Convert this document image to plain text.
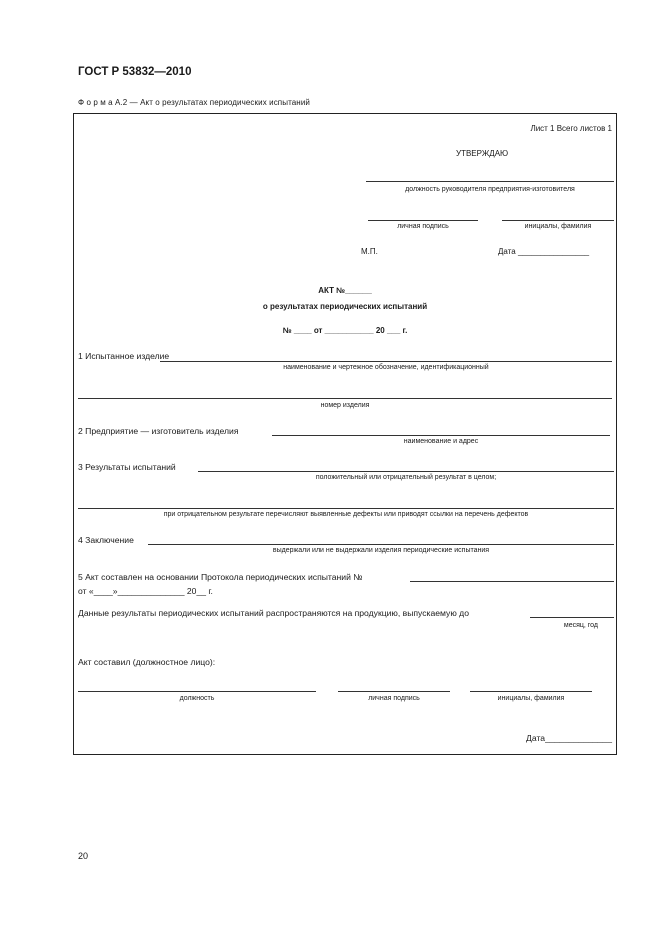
ГОСТ Р 53832—2010
Ф о р м а А.2 — Акт о результатах периодических испытаний
Лист 1 Всего листов 1
УТВЕРЖДАЮ
должность руководителя предприятия-изготовителя
личная подпись	инициалы, фамилия
М.П.	Дата ________________
АКТ №______
о результатах периодических испытаний
№ ____ от ___________ 20 ___ г.
1 Испытанное изделие
наименование и чертежное обозначение, идентификационный
номер изделия
2 Предприятие — изготовитель изделия
наименование и адрес
3 Результаты испытаний
положительный или отрицательный результат в целом;
при отрицательном результате перечисляют выявленные дефекты или приводят ссылки на перечень дефектов
4 Заключение
выдержали или не выдержали изделия периодические испытания
5 Акт составлен на основании Протокола периодических испытаний №
от «____»______________ 20__ г.
Данные результаты периодических испытаний распространяются на продукцию, выпускаемую до
месяц, год
Акт составил (должностное лицо):
должность	личная подпись	инициалы, фамилия
Дата______________
20
